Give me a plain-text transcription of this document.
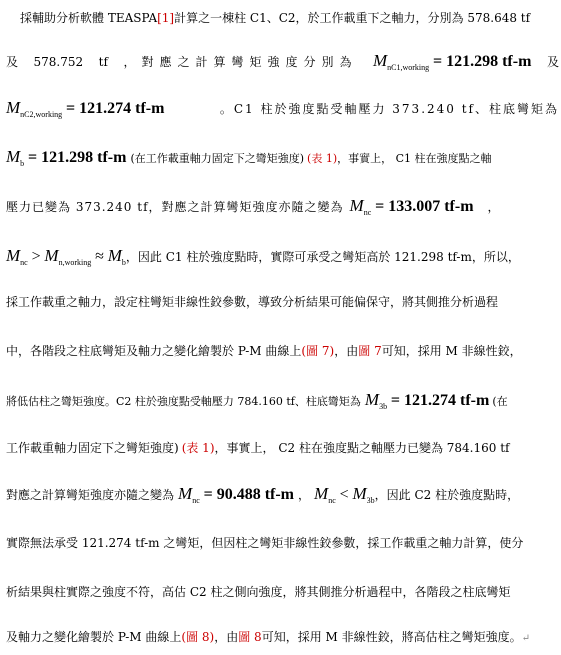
採輔助分析軟體 TEASPA [1] 計算之一棟柱 C1、C2，於工作載重下之軸力，分別為 578.648 tf
及 578.752 tf ，對應之計算彎矩強度分別為 $M_{nC1,working} = 121.298$ tf-m 及
$M_{nC2,working} = 121.274$ tf-m	。C1 柱於強度點受軸壓力 373.240 tf、柱底彎矩為
$M_b = 121.298$ tf-m (在工作載重軸力固定下之彎矩強度) (表 1) ，事實上， C1 柱在強度點之軸
壓力已變為 373.240 tf，對應之計算彎矩強度亦隨之變為 $M_{nc} = 133.007$ tf-m ，
$M_{nc} > M_{n,working} \approx M_b$ ，因此 C1 柱於強度點時，實際可承受之彎矩高於 121.298 tf-m，所以，
採工作載重之軸力，設定柱彎矩非線性鉸參數，導致分析結果可能偏保守，將其側推分析過程
中，各階段之柱底彎矩及軸力之變化繪製於 P-M 曲線上 (圖 7) ，由 圖 7 可知，採用 M 非線性鉸，
將低估柱之彎矩強度。C2 柱於強度點受軸壓力 784.160 tf、柱底彎矩為 $M_{3b} = 121.274$ tf-m (在
工作載重軸力固定下之彎矩強度) (表 1) ，事實上， C2 柱在強度點之軸壓力已變為 784.160 tf
對應之計算彎矩強度亦隨之變為 $M_{nc} = 90.488$ tf-m ， $M_{nc} < M_{3b}$ ，因此 C2 柱於強度點時，
實際無法承受 121.274 tf-m 之彎矩，但因柱之彎矩非線性鉸參數，採工作載重之軸力計算，使分
析結果與柱實際之強度不符，高估 C2 柱之側向強度，將其側推分析過程中，各階段之柱底彎矩
及軸力之變化繪製於 P-M 曲線上 (圖 8) ，由 圖 8 可知，採用 M 非線性鉸，將高估柱之彎矩強度。 ↵
